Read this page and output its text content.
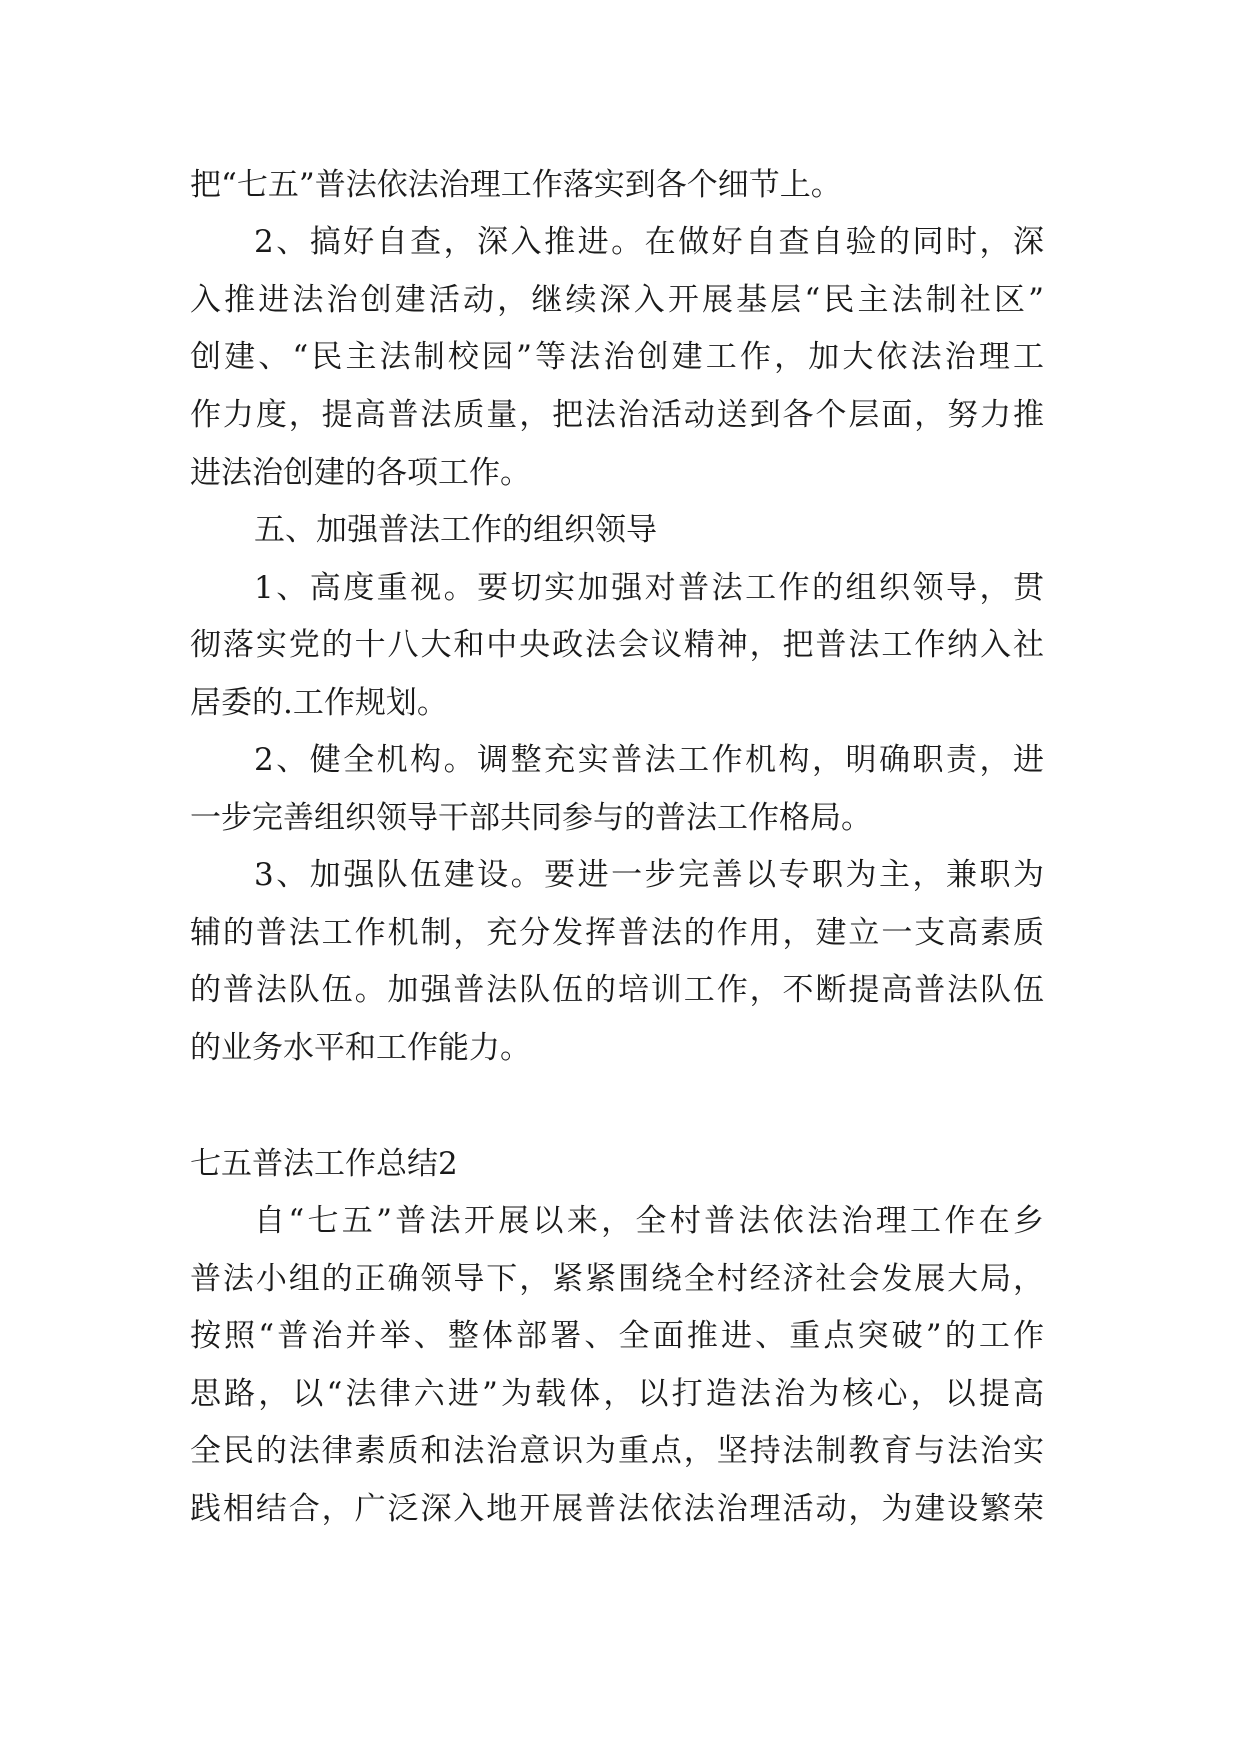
把“七五”普法依法治理工作落实到各个细节上。
2、搞好自查，深入推进。在做好自查自验的同时，深
入推进法治创建活动，继续深入开展基层“民主法制社区”
创建、“民主法制校园”等法治创建工作，加大依法治理工
作力度，提高普法质量，把法治活动送到各个层面，努力推
进法治创建的各项工作。
五、加强普法工作的组织领导
1、高度重视。要切实加强对普法工作的组织领导，贯
彻落实党的十八大和中央政法会议精神，把普法工作纳入社
居委的.工作规划。
2、健全机构。调整充实普法工作机构，明确职责，进
一步完善组织领导干部共同参与的普法工作格局。
3、加强队伍建设。要进一步完善以专职为主，兼职为
辅的普法工作机制，充分发挥普法的作用，建立一支高素质
的普法队伍。加强普法队伍的培训工作，不断提高普法队伍
的业务水平和工作能力。
七五普法工作总结2
自“七五”普法开展以来，全村普法依法治理工作在乡
普法小组的正确领导下，紧紧围绕全村经济社会发展大局，
按照“普治并举、整体部署、全面推进、重点突破”的工作
思路，以“法律六进”为载体，以打造法治为核心，以提高
全民的法律素质和法治意识为重点，坚持法制教育与法治实
践相结合，广泛深入地开展普法依法治理活动，为建设繁荣
